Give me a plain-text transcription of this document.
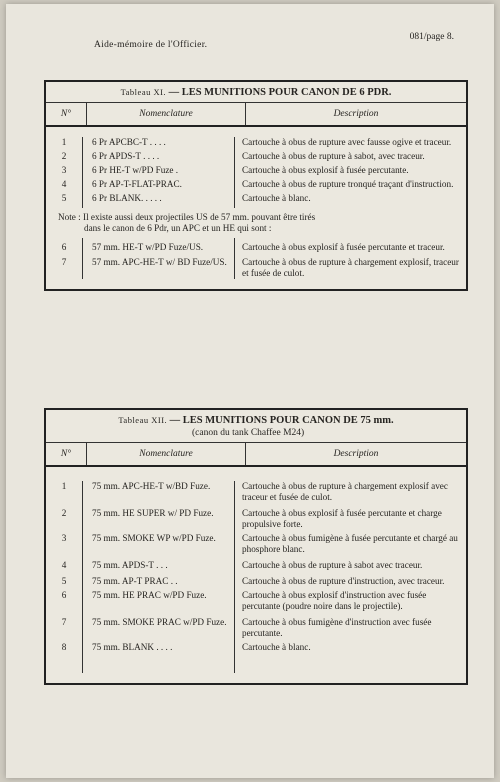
Aide-mémoire de l'Officier.
081/page 8.
Tableau XI. — LES MUNITIONS POUR CANON DE 6 PDR.
N°	Nomenclature	Description
1	6 Pr APCBC-T . . . .	Cartouche à obus de rupture avec fausse ogive et traceur.
2	6 Pr APDS-T . . . .	Cartouche à obus de rupture à sabot, avec traceur.
3	6 Pr HE-T w/PD Fuze .	Cartouche à obus explosif à fusée percutante.
4	6 Pr AP-T-FLAT-PRAC.	Cartouche à obus de rupture tronqué traçant d'instruction.
5	6 Pr BLANK. . . . .	Cartouche à blanc.
Note : Il existe aussi deux projectiles US de 57 mm. pouvant être tirés
dans le canon de 6 Pdr, un APC et un HE qui sont :
6	57 mm. HE-T w/PD Fuze/US.	Cartouche à obus explosif à fusée percutante et traceur.
7	57 mm. APC-HE-T w/ BD Fuze/US.	Cartouche à obus de rupture à chargement explosif, traceur et fusée de culot.
Tableau XII. — LES MUNITIONS POUR CANON DE 75 mm.
(canon du tank Chaffee M24)
N°	Nomenclature	Description
1	75 mm. APC-HE-T w/BD Fuze.	Cartouche à obus de rupture à chargement explosif avec traceur et fusée de culot.
2	75 mm. HE SUPER w/ PD Fuze.	Cartouche à obus explosif à fusée percutante et charge propulsive forte.
3	75 mm. SMOKE WP w/PD Fuze.	Cartouche à obus fumigène à fusée percutante et chargé au phosphore blanc.
4	75 mm. APDS-T . . .	Cartouche à obus de rupture à sabot avec traceur.
5	75 mm. AP-T PRAC . .	Cartouche à obus de rupture d'instruction, avec traceur.
6	75 mm. HE PRAC w/PD Fuze.	Cartouche à obus explosif d'instruction avec fusée percutante (poudre noire dans le projectile).
7	75 mm. SMOKE PRAC w/PD Fuze.	Cartouche à obus fumigène d'instruction avec fusée percutante.
8	75 mm. BLANK . . . .	Cartouche à blanc.
